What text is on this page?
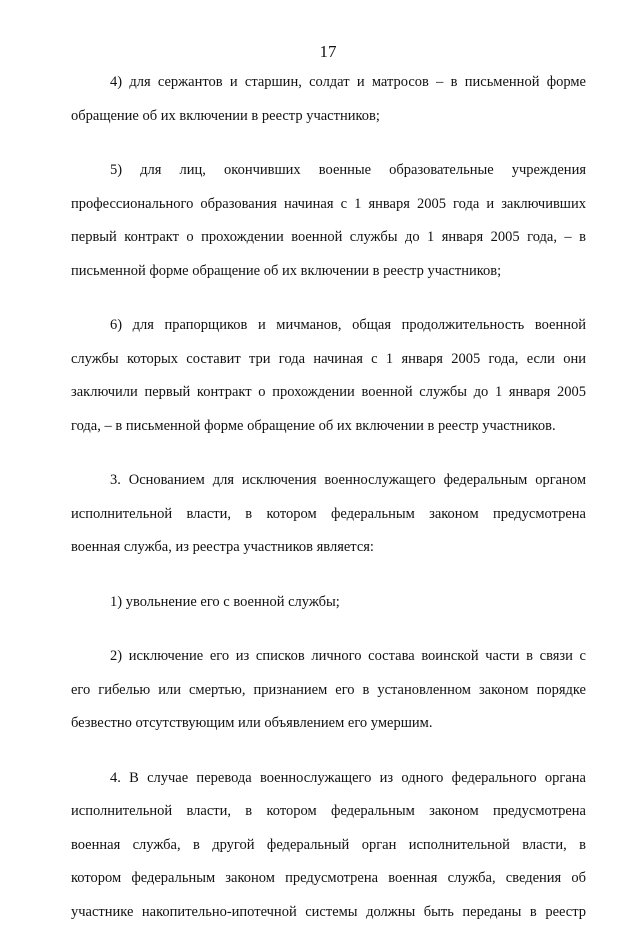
17
4) для сержантов и старшин, солдат и матросов – в письменной форме
обращение об их включении в реестр участников;
5) для лиц, окончивших военные образовательные учреждения
профессионального образования начиная с 1 января 2005 года и заключивших
первый контракт о прохождении военной службы до 1 января 2005 года, – в
письменной форме обращение об их включении в реестр участников;
6) для прапорщиков и мичманов, общая продолжительность военной
службы которых составит три года начиная с 1 января 2005 года, если они
заключили первый контракт о прохождении военной службы до 1 января 2005
года, – в письменной форме обращение об их включении в реестр участников.
3. Основанием для исключения военнослужащего федеральным органом
исполнительной власти, в котором федеральным законом предусмотрена
военная служба, из реестра участников является:
1) увольнение его с военной службы;
2) исключение его из списков личного состава воинской части в связи с
его гибелью или смертью, признанием его в установленном законом порядке
безвестно отсутствующим или объявлением его умершим.
4. В случае перевода военнослужащего из одного федерального органа
исполнительной власти, в котором федеральным законом предусмотрена
военная служба, в другой федеральный орган исполнительной власти, в
котором федеральным законом предусмотрена военная служба, сведения об
участнике накопительно-ипотечной системы должны быть переданы в реестр
